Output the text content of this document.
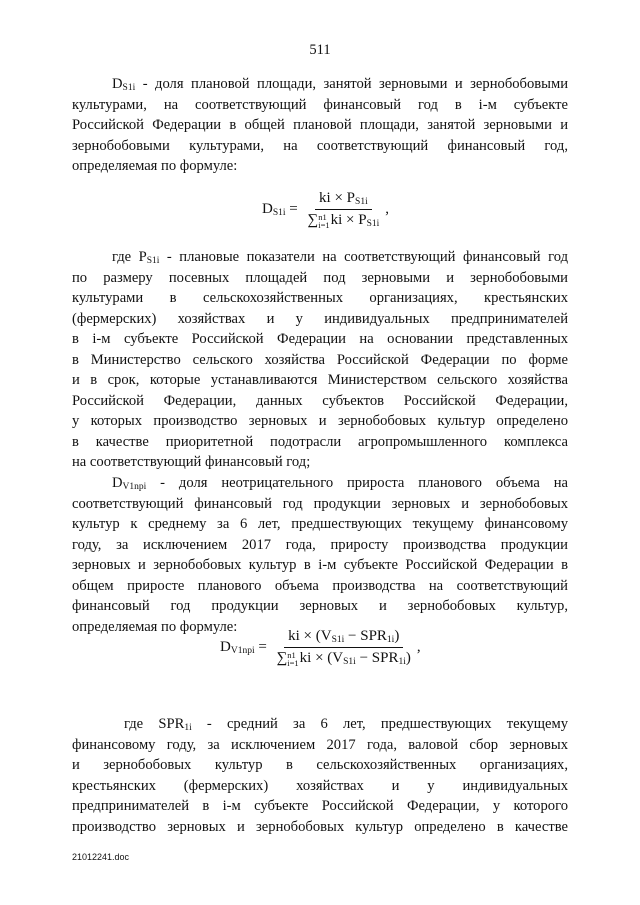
511
$D_{S1i}$ - доля плановой площади, занятой зерновыми и зернобобовыми
культурами, на соответствующий финансовый год в i-м субъекте
Российской Федерации в общей плановой площади, занятой зерновыми и
зернобобовыми культурами, на соответствующий финансовый год,
определяемая по формуле:
$D_{S1i}$ = ki × $P_{S1i}$
∑ n1
i=1 ki × $P_{S1i}$ ,
где $P_{S1i}$ - плановые показатели на соответствующий финансовый год
по размеру посевных площадей под зерновыми и зернобобовыми
культурами в сельскохозяйственных организациях, крестьянских
(фермерских) хозяйствах и у индивидуальных предпринимателей
в i-м субъекте Российской Федерации на основании представленных
в Министерство сельского хозяйства Российской Федерации по форме
и в срок, которые устанавливаются Министерством сельского хозяйства
Российской Федерации, данных субъектов Российской Федерации,
у которых производство зерновых и зернобобовых культур определено
в качестве приоритетной подотрасли агропромышленного комплекса
на соответствующий финансовый год;
$D_{V1npi}$ - доля неотрицательного прироста планового объема на
соответствующий финансовый год продукции зерновых и зернобобовых
культур к среднему за 6 лет, предшествующих текущему финансовому
году, за исключением 2017 года, приросту производства продукции
зерновых и зернобобовых культур в i-м субъекте Российской Федерации в
общем приросте планового объема производства на соответствующий
финансовый год продукции зерновых и зернобобовых культур,
определяемая по формуле:
$D_{V1npi}$ = ki × $(V_{S1i} - SPR_{1i})$
∑ n1
i=1 ki × $(V_{S1i} - SPR_{1i})$ ,
где $SPR_{1i}$ - средний за 6 лет, предшествующих текущему
финансовому году, за исключением 2017 года, валовой сбор зерновых
и зернобобовых культур в сельскохозяйственных организациях,
крестьянских (фермерских) хозяйствах и у индивидуальных
предпринимателей в i-м субъекте Российской Федерации, у которого
производство зерновых и зернобобовых культур определено в качестве
21012241.doc
